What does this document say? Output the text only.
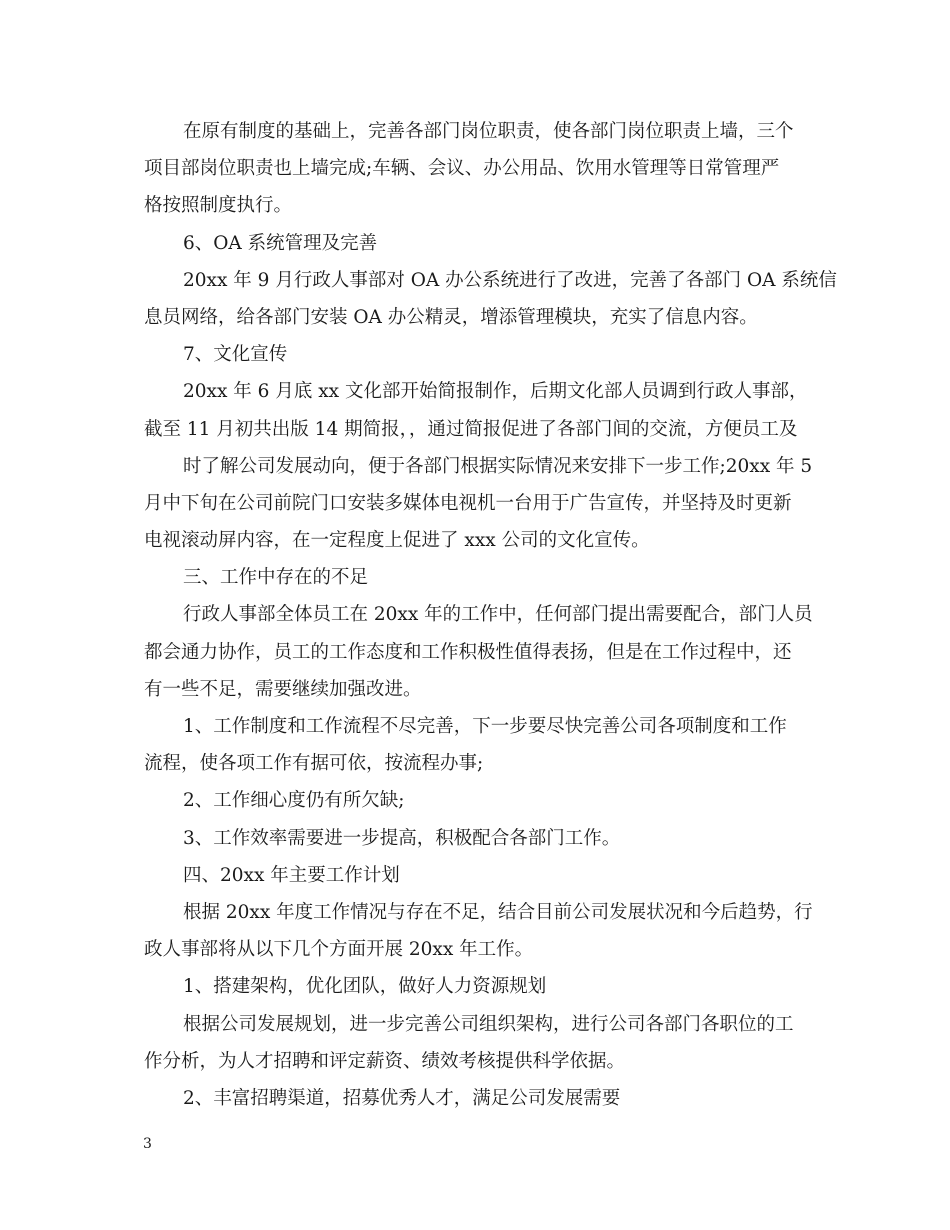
在原有制度的基础上，完善各部门岗位职责，使各部门岗位职责上墙，三个
项目部岗位职责也上墙完成;车辆、会议、办公用品、饮用水管理等日常管理严
格按照制度执行。
6、OA 系统管理及完善
20xx 年 9 月行政人事部对 OA 办公系统进行了改进，完善了各部门 OA 系统信
息员网络，给各部门安装 OA 办公精灵，增添管理模块，充实了信息内容。
7、文化宣传
20xx 年 6 月底 xx 文化部开始简报制作，后期文化部人员调到行政人事部，
截至 11 月初共出版 14 期简报，，通过简报促进了各部门间的交流，方便员工及
时了解公司发展动向，便于各部门根据实际情况来安排下一步工作;20xx 年 5
月中下旬在公司前院门口安装多媒体电视机一台用于广告宣传，并坚持及时更新
电视滚动屏内容，在一定程度上促进了 xxx 公司的文化宣传。
三、工作中存在的不足
行政人事部全体员工在 20xx 年的工作中，任何部门提出需要配合，部门人员
都会通力协作，员工的工作态度和工作积极性值得表扬，但是在工作过程中，还
有一些不足，需要继续加强改进。
1、工作制度和工作流程不尽完善，下一步要尽快完善公司各项制度和工作
流程，使各项工作有据可依，按流程办事;
2、工作细心度仍有所欠缺;
3、工作效率需要进一步提高，积极配合各部门工作。
四、20xx 年主要工作计划
根据 20xx 年度工作情况与存在不足，结合目前公司发展状况和今后趋势，行
政人事部将从以下几个方面开展 20xx 年工作。
1、搭建架构，优化团队，做好人力资源规划
根据公司发展规划，进一步完善公司组织架构，进行公司各部门各职位的工
作分析，为人才招聘和评定薪资、绩效考核提供科学依据。
2、丰富招聘渠道，招募优秀人才，满足公司发展需要
3
